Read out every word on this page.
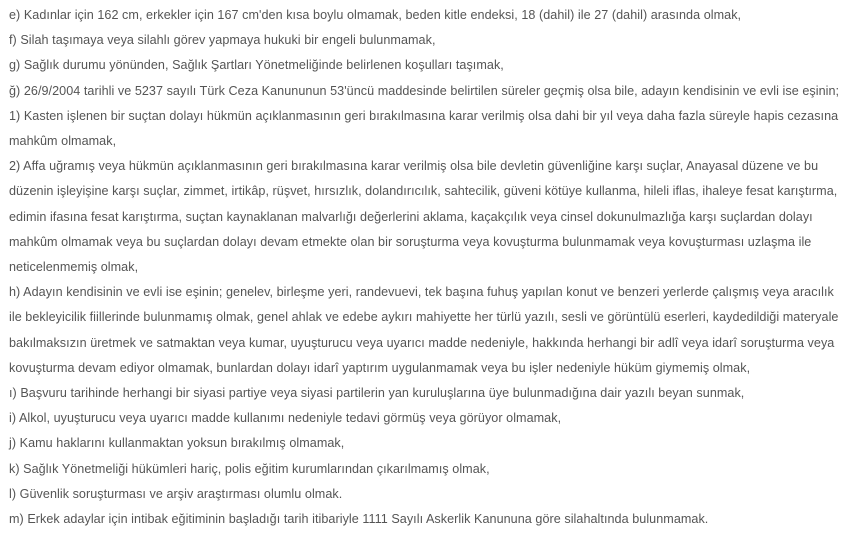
e) Kadınlar için 162 cm, erkekler için 167 cm'den kısa boylu olmamak, beden kitle endeksi, 18 (dahil) ile 27 (dahil) arasında olmak,

f) Silah taşımaya veya silahlı görev yapmaya hukuki bir engeli bulunmamak,

g) Sağlık durumu yönünden, Sağlık Şartları Yönetmeliğinde belirlenen koşulları taşımak,

ğ) 26/9/2004 tarihli ve 5237 sayılı Türk Ceza Kanununun 53'üncü maddesinde belirtilen süreler geçmiş olsa bile, adayın kendisinin ve evli ise eşinin;

1) Kasten işlenen bir suçtan dolayı hükmün açıklanmasının geri bırakılmasına karar verilmiş olsa dahi bir yıl veya daha fazla süreyle hapis cezasına mahkûm olmamak,

2) Affa uğramış veya hükmün açıklanmasının geri bırakılmasına karar verilmiş olsa bile devletin güvenliğine karşı suçlar, Anayasal düzene ve bu düzenin işleyişine karşı suçlar, zimmet, irtikâp, rüşvet, hırsızlık, dolandırıcılık, sahtecilik, güveni kötüye kullanma, hileli iflas, ihaleye fesat karıştırma, edimin ifasına fesat karıştırma, suçtan kaynaklanan malvarlığı değerlerini aklama, kaçakçılık veya cinsel dokunulmazlığa karşı suçlardan dolayı mahkûm olmamak veya bu suçlardan dolayı devam etmekte olan bir soruşturma veya kovuşturma bulunmamak veya kovuşturması uzlaşma ile neticelenmemiş olmak,

h) Adayın kendisinin ve evli ise eşinin; genelev, birleşme yeri, randevuevi, tek başına fuhuş yapılan konut ve benzeri yerlerde çalışmış veya aracılık ile bekleyicilik fiillerinde bulunmamış olmak, genel ahlak ve edebe aykırı mahiyette her türlü yazılı, sesli ve görüntülü eserleri, kaydedildiği materyale bakılmaksızın üretmek ve satmaktan veya kumar, uyuşturucu veya uyarıcı madde nedeniyle, hakkında herhangi bir adlî veya idarî soruşturma veya kovuşturma devam ediyor olmamak, bunlardan dolayı idarî yaptırım uygulanmamak veya bu işler nedeniyle hüküm giymemiş olmak,

ı) Başvuru tarihinde herhangi bir siyasi partiye veya siyasi partilerin yan kuruluşlarına üye bulunmadığına dair yazılı beyan sunmak,

i) Alkol, uyuşturucu veya uyarıcı madde kullanımı nedeniyle tedavi görmüş veya görüyor olmamak,

j) Kamu haklarını kullanmaktan yoksun bırakılmış olmamak,

k) Sağlık Yönetmeliği hükümleri hariç, polis eğitim kurumlarından çıkarılmamış olmak,

l) Güvenlik soruşturması ve arşiv araştırması olumlu olmak.

m) Erkek adaylar için intibak eğitiminin başladığı tarih itibariyle 1111 Sayılı Askerlik Kanununa göre silahaltında bulunmamak.
